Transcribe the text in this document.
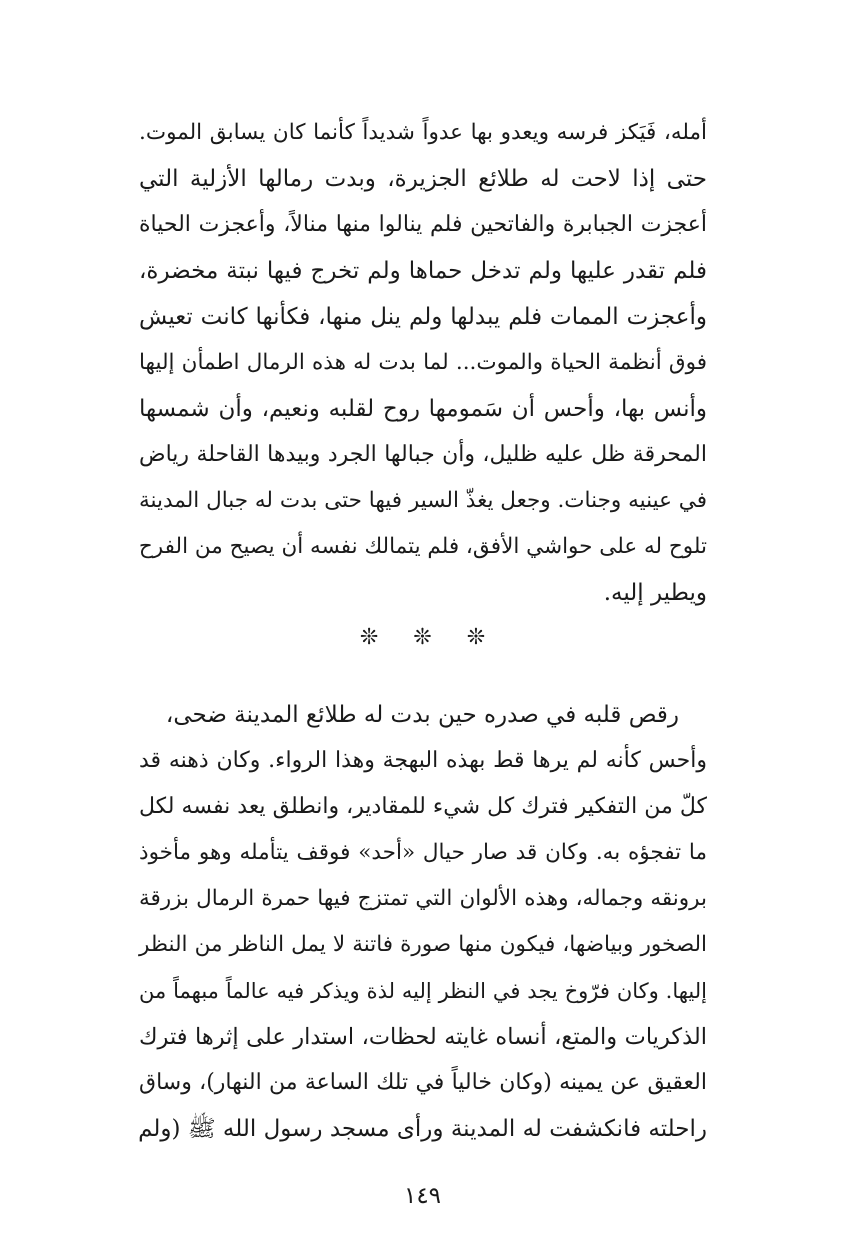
أمله، فَيَكز فرسه ويعدو بها عدواً شديداً كأنما كان يسابق الموت.
حتى إذا لاحت له طلائع الجزيرة، وبدت رمالها الأزلية التي
أعجزت الجبابرة والفاتحين فلم ينالوا منها منالاً، وأعجزت الحياة
فلم تقدر عليها ولم تدخل حماها ولم تخرج فيها نبتة مخضرة،
وأعجزت الممات فلم يبدلها ولم ينل منها، فكأنها كانت تعيش
فوق أنظمة الحياة والموت... لما بدت له هذه الرمال اطمأن إليها
وأنس بها، وأحس أن سَمومها روح لقلبه ونعيم، وأن شمسها
المحرقة ظل عليه ظليل، وأن جبالها الجرد وبيدها القاحلة رياض
في عينيه وجنات. وجعل يغذّ السير فيها حتى بدت له جبال المدينة
تلوح له على حواشي الأفق، فلم يتمالك نفسه أن يصيح من الفرح
ويطير إليه.
❊ ❊ ❊
رقص قلبه في صدره حين بدت له طلائع المدينة ضحى،
وأحس كأنه لم يرها قط بهذه البهجة وهذا الرواء. وكان ذهنه قد
كلّ من التفكير فترك كل شيء للمقادير، وانطلق يعد نفسه لكل
ما تفجؤه به. وكان قد صار حيال «أحد» فوقف يتأمله وهو مأخوذ
برونقه وجماله، وهذه الألوان التي تمتزج فيها حمرة الرمال بزرقة
الصخور وبياضها، فيكون منها صورة فاتنة لا يمل الناظر من النظر
إليها. وكان فرّوخ يجد في النظر إليه لذة ويذكر فيه عالماً مبهماً من
الذكريات والمتع، أنساه غايته لحظات، استدار على إثرها فترك
العقيق عن يمينه (وكان خالياً في تلك الساعة من النهار)، وساق
راحلته فانكشفت له المدينة ورأى مسجد رسول الله ﷺ (ولم
١٤٩
